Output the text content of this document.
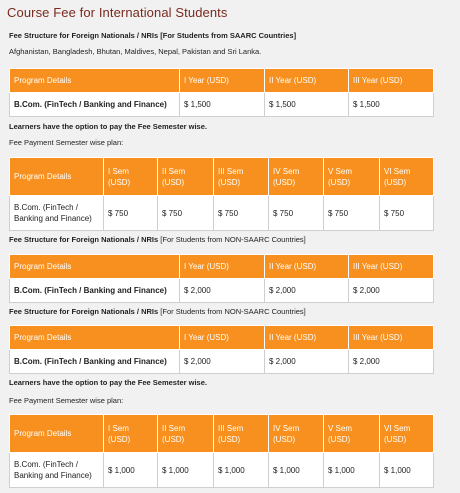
Course Fee for International Students
Fee Structure for Foreign Nationals / NRIs [For Students from SAARC Countries]
Afghanistan, Bangladesh, Bhutan, Maldives, Nepal, Pakistan and Sri Lanka.
Program Details	I Year (USD)	II Year (USD)	III Year (USD)
B.Com. (FinTech / Banking and Finance)	$ 1,500	$ 1,500	$ 1,500
Learners have the option to pay the Fee Semester wise.
Fee Payment Semester wise plan:
Program Details	I Sem (USD)	II Sem (USD)	III Sem (USD)	IV Sem (USD)	V Sem (USD)	VI Sem (USD)
B.Com. (FinTech / Banking and Finance)	$ 750	$ 750	$ 750	$ 750	$ 750	$ 750
Fee Structure for Foreign Nationals / NRIs [For Students from NON-SAARC Countries]
Program Details	I Year (USD)	II Year (USD)	III Year (USD)
B.Com. (FinTech / Banking and Finance)	$ 2,000	$ 2,000	$ 2,000
Fee Structure for Foreign Nationals / NRIs [For Students from NON-SAARC Countries]
Program Details	I Year (USD)	II Year (USD)	III Year (USD)
B.Com. (FinTech / Banking and Finance)	$ 2,000	$ 2,000	$ 2,000
Learners have the option to pay the Fee Semester wise.
Fee Payment Semester wise plan:
Program Details	I Sem (USD)	II Sem (USD)	III Sem (USD)	IV Sem (USD)	V Sem (USD)	VI Sem (USD)
B.Com. (FinTech / Banking and Finance)	$ 1,000	$ 1,000	$ 1,000	$ 1,000	$ 1,000	$ 1,000
